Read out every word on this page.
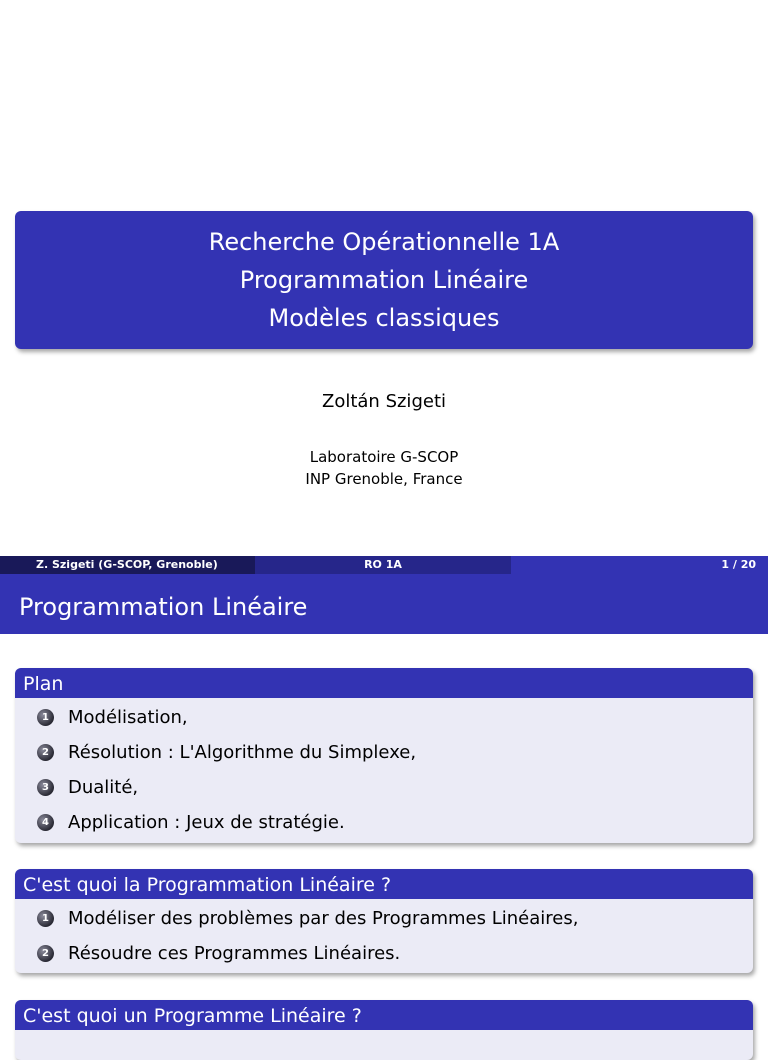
Recherche Opérationnelle 1A
Programmation Linéaire
Modèles classiques
Zoltán Szigeti
Laboratoire G-SCOP
INP Grenoble, France
Z. Szigeti (G-SCOP, Grenoble)	RO 1A	1 / 20
Programmation Linéaire
Plan
1 Modélisation,
2 Résolution : L'Algorithme du Simplexe,
3 Dualité,
4 Application : Jeux de stratégie.
C'est quoi la Programmation Linéaire ?
1 Modéliser des problèmes par des Programmes Linéaires,
2 Résoudre ces Programmes Linéaires.
C'est quoi un Programme Linéaire ?
